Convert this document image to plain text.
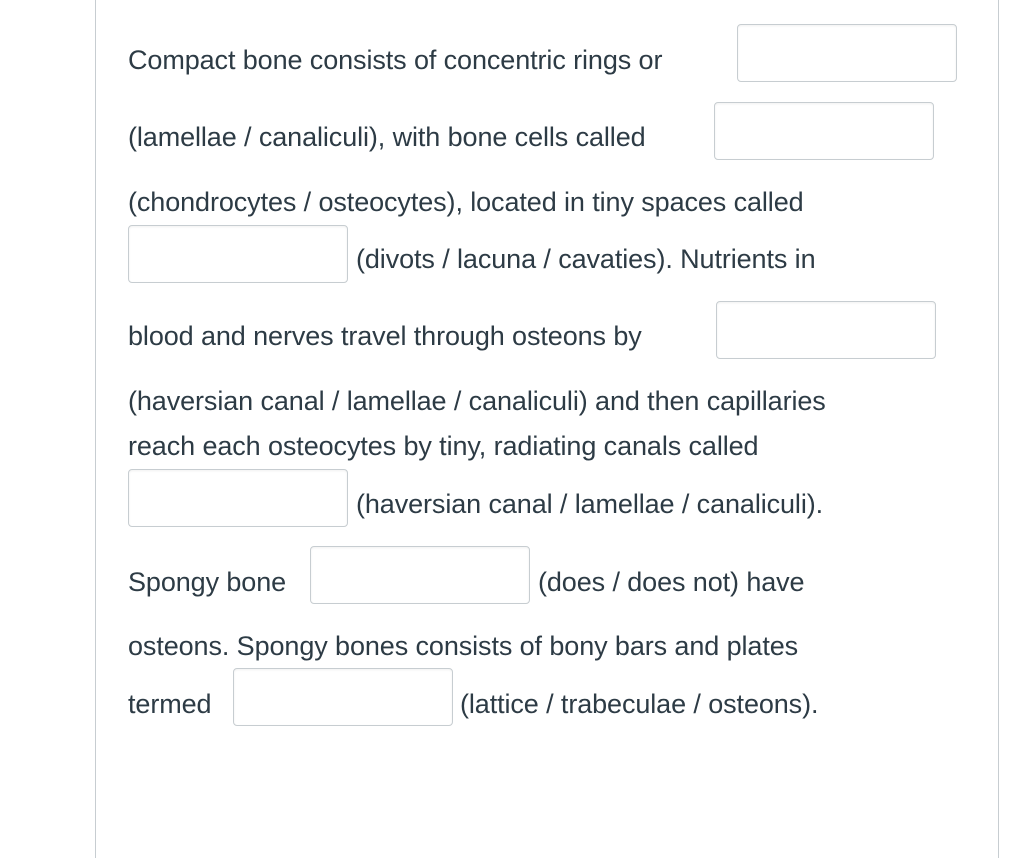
Compact bone consists of concentric rings or
(lamellae / canaliculi), with bone cells called
(chondrocytes / osteocytes), located in tiny spaces called
(divots / lacuna / cavaties). Nutrients in
blood and nerves travel through osteons by
(haversian canal / lamellae / canaliculi) and then capillaries
reach each osteocytes by tiny, radiating canals called
(haversian canal / lamellae / canaliculi).
Spongy bone	(does / does not) have
osteons. Spongy bones consists of bony bars and plates
termed	(lattice / trabeculae / osteons).
